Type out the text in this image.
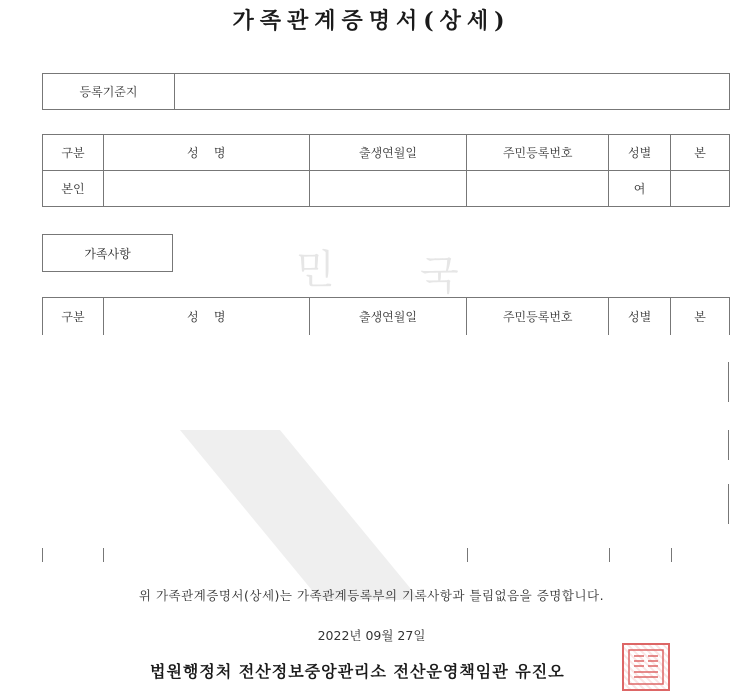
가족관계증명서(상세)
등록기준지	
구분	성    명	출생연월일	주민등록번호	성별	본
본인				여	
민 국
가족사항
구분	성    명	출생연월일	주민등록번호	성별	본
위 가족관계증명서(상세)는 가족관계등록부의 기록사항과 틀림없음을 증명합니다.
2022년 09월 27일
법원행정처 전산정보중앙관리소 전산운영책임관 유진오
